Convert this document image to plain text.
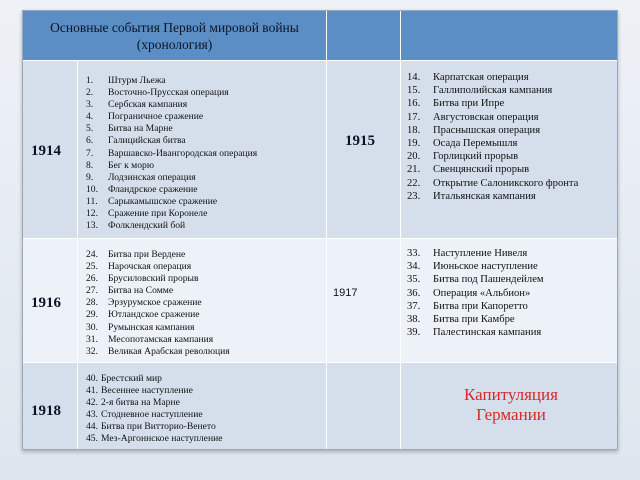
Основные события Первой мировой войны (хронология)
1914
1916
1918
1. Штурм Льежа
2. Восточно-Прусская операция
3. Сербская кампания
4. Пограничное сражение
5. Битва на Марне
6. Галицийская битва
7. Варшавско-Ивангородская операция
8. Бег к морю
9. Лодзинская операция
10. Фландрское сражение
11. Сарыкамышское сражение
12. Сражение при Коронеле
13. Фолклендский бой
24. Битва при Вердене
25. Нарочская операция
26. Брусиловский прорыв
27. Битва на Сомме
28. Эрзурумское сражение
29. Ютландское сражение
30. Румынская кампания
31. Месопотамская кампания
32. Великая Арабская революция
40. Брестский мир
41. Весеннее наступление
42. 2-я битва на Марне
43. Стодневное наступление
44. Битва при Витторио-Венето
45. Мез-Аргоннское наступление
1915
1917
14. Карпатская операция
15. Галлиполийская кампания
16. Битва при Ипре
17. Августовская операция
18. Праснышская операция
19. Осада Перемышля
20. Горлицкий прорыв
21. Свенцянский прорыв
22. Открытие Салоникского фронта
23. Итальянская кампания
33. Наступление Нивеля
34. Июньское наступление
35. Битва под Пашендейлем
36. Операция «Альбион»
37. Битва при Капоретто
38. Битва при Камбре
39. Палестинская кампания
Капитуляция Германии
